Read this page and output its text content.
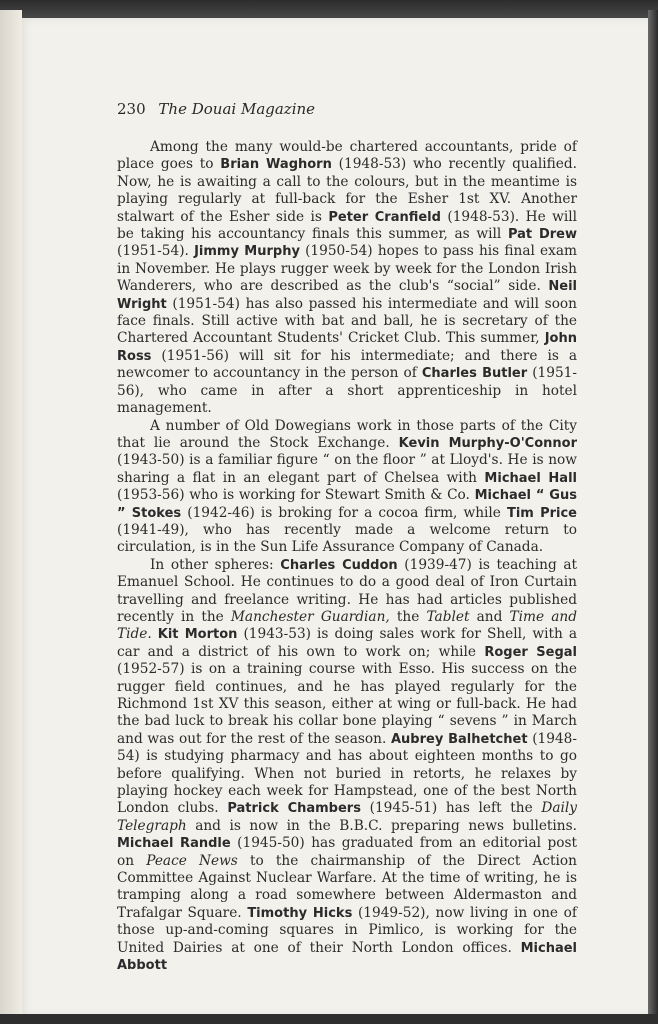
230 The Douai Magazine

Among the many would-be chartered accountants, pride of place goes to Brian Waghorn (1948-53) who recently qualified. Now, he is awaiting a call to the colours, but in the meantime is playing regularly at full-back for the Esher 1st XV. Another stalwart of the Esher side is Peter Cranfield (1948-53). He will be taking his accountancy finals this summer, as will Pat Drew (1951-54). Jimmy Murphy (1950-54) hopes to pass his final exam in November. He plays rugger week by week for the London Irish Wanderers, who are described as the club's “social” side. Neil Wright (1951-54) has also passed his intermediate and will soon face finals. Still active with bat and ball, he is secretary of the Chartered Accountant Students' Cricket Club. This summer, John Ross (1951-56) will sit for his intermediate; and there is a newcomer to accountancy in the person of Charles Butler (1951-56), who came in after a short apprenticeship in hotel management.

A number of Old Dowegians work in those parts of the City that lie around the Stock Exchange. Kevin Murphy-O'Connor (1943-50) is a familiar figure “ on the floor ” at Lloyd's. He is now sharing a flat in an elegant part of Chelsea with Michael Hall (1953-56) who is working for Stewart Smith & Co. Michael “ Gus ” Stokes (1942-46) is broking for a cocoa firm, while Tim Price (1941-49), who has recently made a welcome return to circulation, is in the Sun Life Assurance Company of Canada.

In other spheres: Charles Cuddon (1939-47) is teaching at Emanuel School. He continues to do a good deal of Iron Curtain travelling and freelance writing. He has had articles published recently in the Manchester Guardian, the Tablet and Time and Tide. Kit Morton (1943-53) is doing sales work for Shell, with a car and a district of his own to work on; while Roger Segal (1952-57) is on a training course with Esso. His success on the rugger field continues, and he has played regularly for the Richmond 1st XV this season, either at wing or full-back. He had the bad luck to break his collar bone playing “ sevens ” in March and was out for the rest of the season. Aubrey Balhetchet (1948-54) is studying pharmacy and has about eighteen months to go before qualifying. When not buried in retorts, he relaxes by playing hockey each week for Hampstead, one of the best North London clubs. Patrick Chambers (1945-51) has left the Daily Telegraph and is now in the B.B.C. preparing news bulletins. Michael Randle (1945-50) has graduated from an editorial post on Peace News to the chairmanship of the Direct Action Committee Against Nuclear Warfare. At the time of writing, he is tramping along a road somewhere between Aldermaston and Trafalgar Square. Timothy Hicks (1949-52), now living in one of those up-and-coming squares in Pimlico, is working for the United Dairies at one of their North London offices. Michael Abbott
